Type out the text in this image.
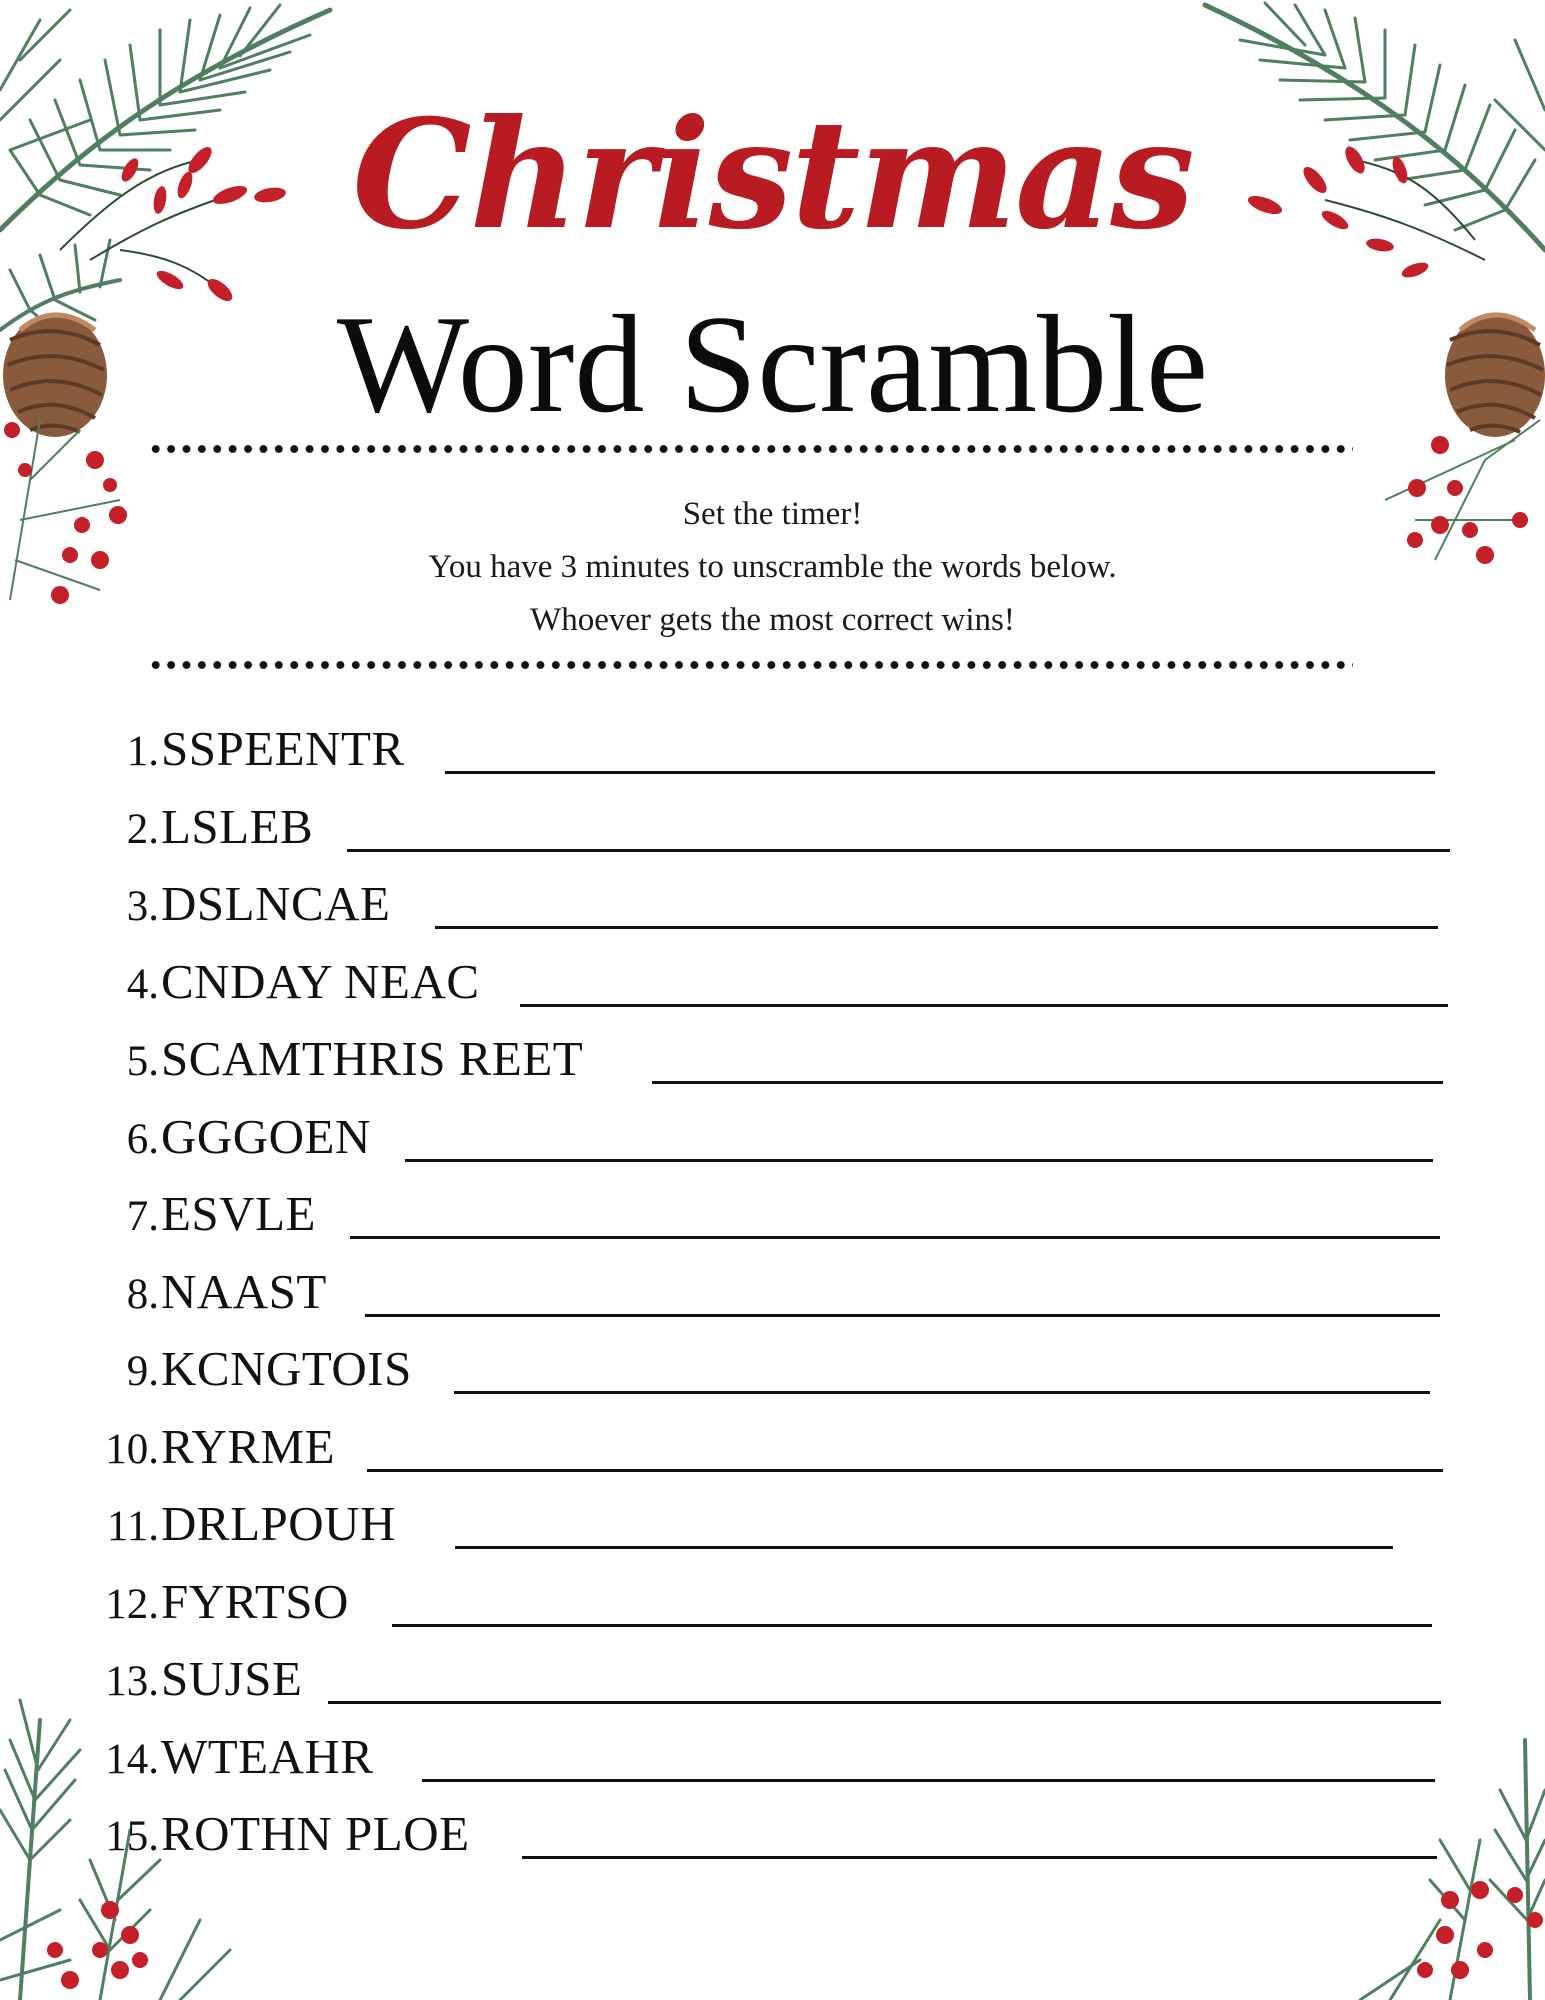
Christmas
Word Scramble
Set the timer!
You have 3 minutes to unscramble the words below.
Whoever gets the most correct wins!
1. SSPEENTR
2. LSLEB
3. DSLNCAE
4. CNDAY NEAC
5. SCAMTHRIS REET
6. GGGOEN
7. ESVLE
8. NAAST
9. KCNGTOIS
10. RYRME
11. DRLPOUH
12. FYRTSO
13. SUJSE
14. WTEAHR
15. ROTHN PLOE
